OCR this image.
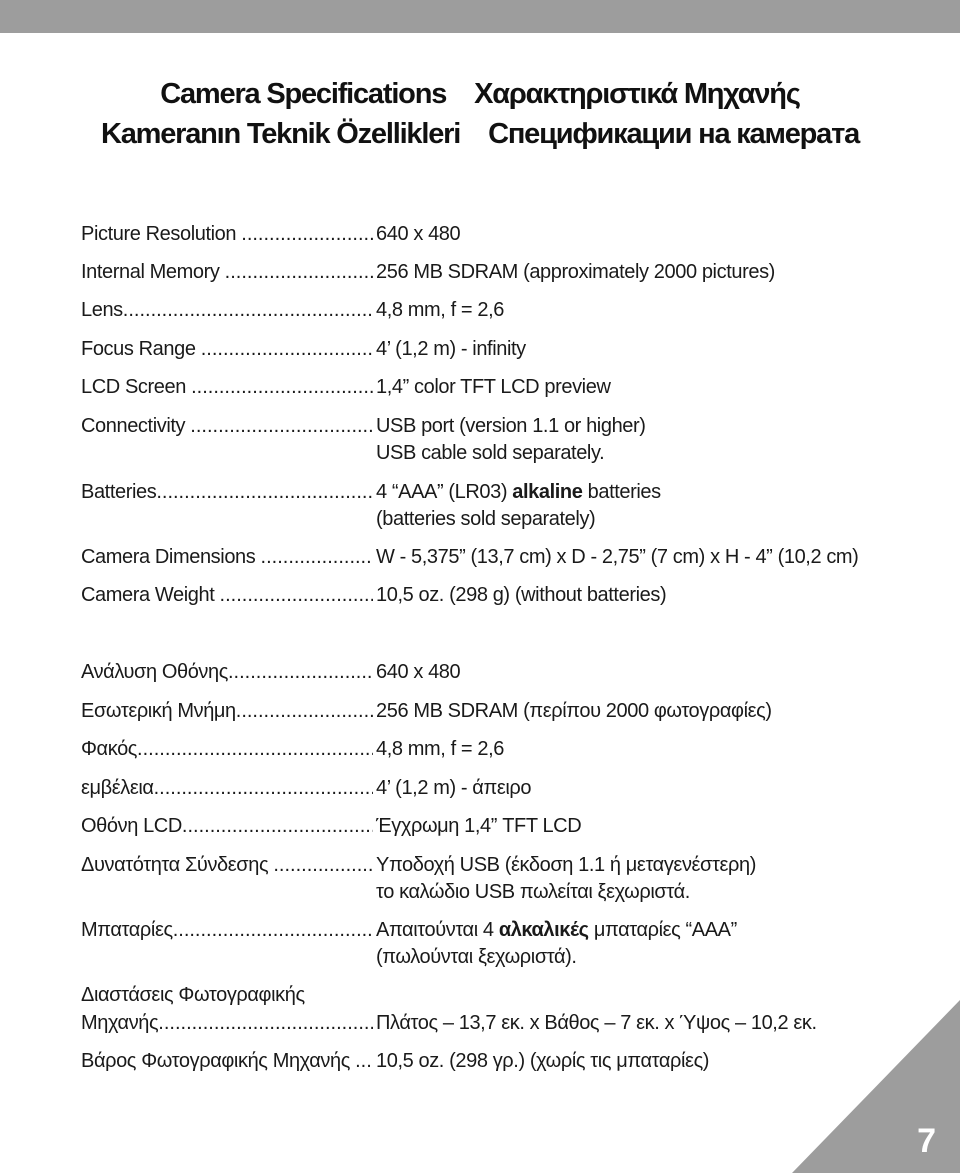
Camera Specifications Χαρακτηριστικά Μηχανής
Kameranın Teknik Özellikleri Спецификации на камерата
Picture Resolution .....	640 x 480
Internal Memory .....	256 MB SDRAM (approximately 2000 pictures)
Lens .....	4,8 mm, f = 2,6
Focus Range .....	4’ (1,2 m) - infinity
LCD Screen .....	1,4” color TFT LCD preview
Connectivity .....	USB port (version 1.1 or higher)
USB cable sold separately.
Batteries .....	4 “AAA” (LR03) alkaline batteries
(batteries sold separately)
Camera Dimensions .....	W - 5,375” (13,7 cm) x D - 2,75” (7 cm) x H - 4” (10,2 cm)
Camera Weight .....	10,5 oz. (298 g) (without batteries)
Ανάλυση Οθόνης .....	640 x 480
Εσωτερική Μνήμη .....	256 MB SDRAM (περίπου 2000 φωτογραφίες)
Φακός .....	4,8 mm, f = 2,6
εμβέλεια .....	4’ (1,2 m) - άπειρο
Οθόνη LCD .....	Έγχρωμη 1,4” TFT LCD
Δυνατότητα Σύνδεσης .....	Υποδοχή USB (έκδοση 1.1 ή μεταγενέστερη)
το καλώδιο USB πωλείται ξεχωριστά.
Μπαταρίες .....	Απαιτούνται 4 αλκαλικές μπαταρίες “AAA”
(πωλούνται ξεχωριστά).
Διαστάσεις Φωτογραφικής
Μηχανής .....	Πλάτος – 13,7 εκ. x Βάθος – 7 εκ. x Ύψος – 10,2 εκ.
Βάρος Φωτογραφικής Μηχανής .....	10,5 oz. (298 γρ.) (χωρίς τις μπαταρίες)
7
